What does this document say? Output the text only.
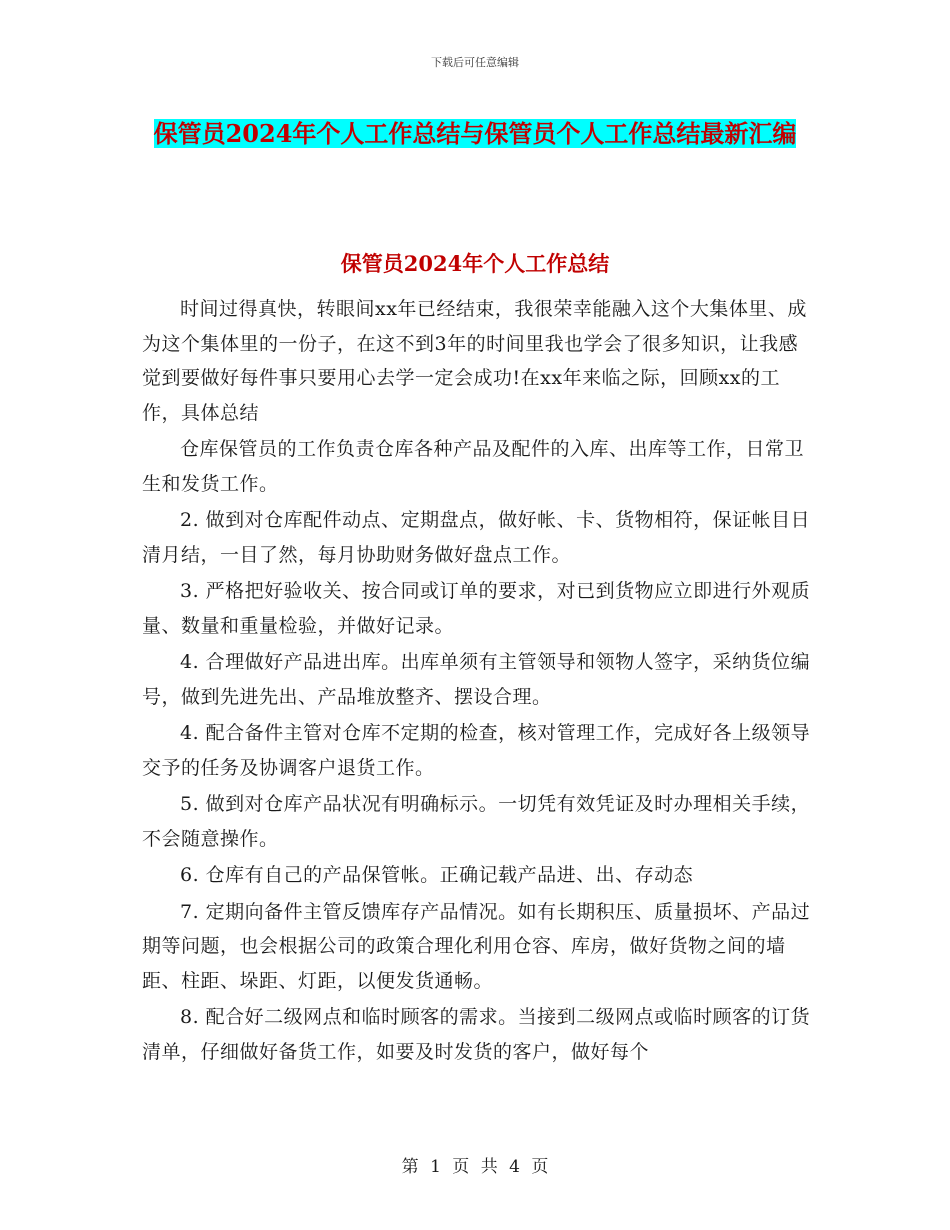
下载后可任意编辑
保管员2024年个人工作总结与保管员个人工作总结最新汇编
保管员2024年个人工作总结

时间过得真快，转眼间xx年已经结束，我很荣幸能融入这个大集体里、成为这个集体里的一份子，在这不到3年的时间里我也学会了很多知识，让我感觉到要做好每件事只要用心去学一定会成功!在xx年来临之际，回顾xx的工作，具体总结

仓库保管员的工作负责仓库各种产品及配件的入库、出库等工作，日常卫生和发货工作。

2. 做到对仓库配件动点、定期盘点，做好帐、卡、货物相符，保证帐目日清月结，一目了然，每月协助财务做好盘点工作。

3. 严格把好验收关、按合同或订单的要求，对已到货物应立即进行外观质量、数量和重量检验，并做好记录。

4. 合理做好产品进出库。出库单须有主管领导和领物人签字，采纳货位编号，做到先进先出、产品堆放整齐、摆设合理。

4. 配合备件主管对仓库不定期的检查，核对管理工作，完成好各上级领导交予的任务及协调客户退货工作。

5. 做到对仓库产品状况有明确标示。一切凭有效凭证及时办理相关手续，不会随意操作。

6. 仓库有自己的产品保管帐。正确记载产品进、出、存动态

7. 定期向备件主管反馈库存产品情况。如有长期积压、质量损坏、产品过期等问题，也会根据公司的政策合理化利用仓容、库房，做好货物之间的墙距、柱距、垛距、灯距，以便发货通畅。

8. 配合好二级网点和临时顾客的需求。当接到二级网点或临时顾客的订货清单，仔细做好备货工作，如要及时发货的客户，做好每个

第 1 页 共 4 页
